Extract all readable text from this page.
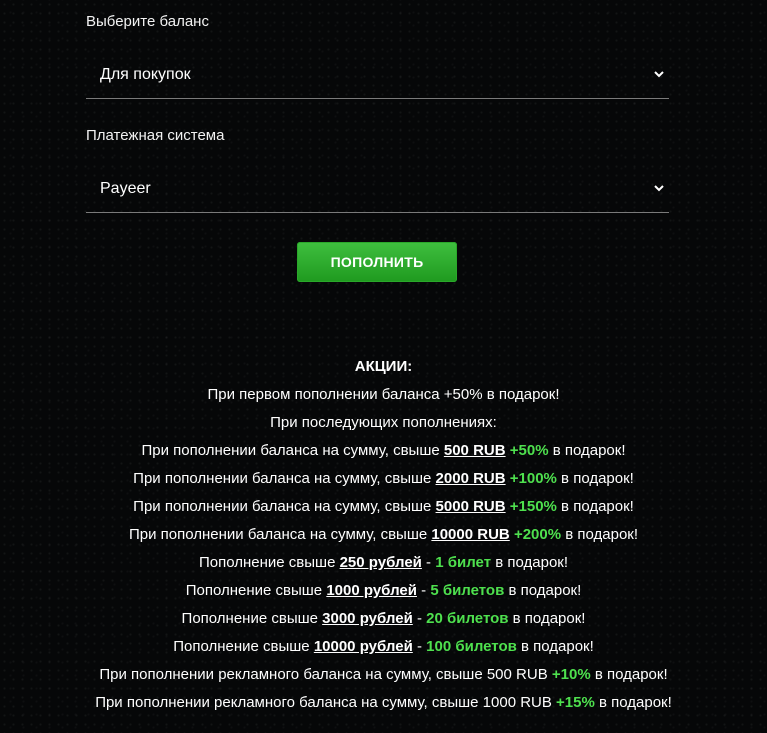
Выберите баланс
Для покупок
Платежная система
Payeer
ПОПОЛНИТЬ
АКЦИИ:
При первом пополнении баланса +50% в подарок!
При последующих пополнениях:
При пополнении баланса на сумму, свыше 500 RUB +50% в подарок!
При пополнении баланса на сумму, свыше 2000 RUB +100% в подарок!
При пополнении баланса на сумму, свыше 5000 RUB +150% в подарок!
При пополнении баланса на сумму, свыше 10000 RUB +200% в подарок!
Пополнение свыше 250 рублей - 1 билет в подарок!
Пополнение свыше 1000 рублей - 5 билетов в подарок!
Пополнение свыше 3000 рублей - 20 билетов в подарок!
Пополнение свыше 10000 рублей - 100 билетов в подарок!
При пополнении рекламного баланса на сумму, свыше 500 RUB +10% в подарок!
При пополнении рекламного баланса на сумму, свыше 1000 RUB +15% в подарок!
